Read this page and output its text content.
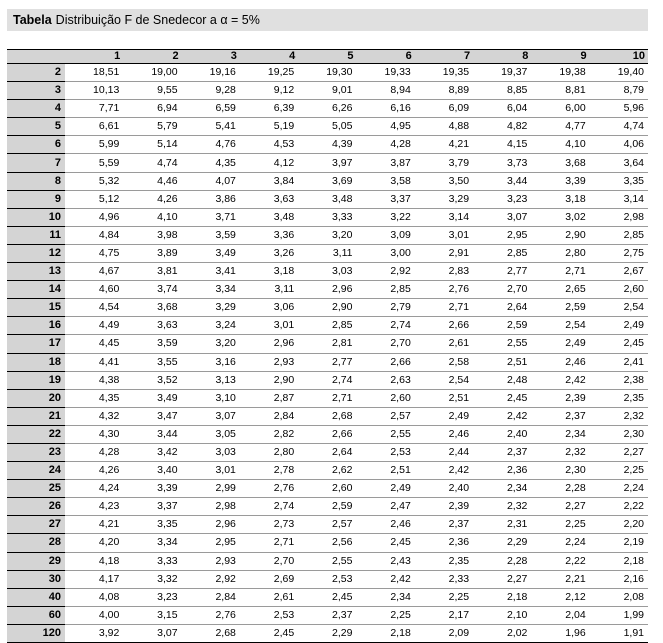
Tabela Distribuição F de Snedecor a α = 5%
	1	2	3	4	5	6	7	8	9	10
2	18,51	19,00	19,16	19,25	19,30	19,33	19,35	19,37	19,38	19,40
3	10,13	9,55	9,28	9,12	9,01	8,94	8,89	8,85	8,81	8,79
4	7,71	6,94	6,59	6,39	6,26	6,16	6,09	6,04	6,00	5,96
5	6,61	5,79	5,41	5,19	5,05	4,95	4,88	4,82	4,77	4,74
6	5,99	5,14	4,76	4,53	4,39	4,28	4,21	4,15	4,10	4,06
7	5,59	4,74	4,35	4,12	3,97	3,87	3,79	3,73	3,68	3,64
8	5,32	4,46	4,07	3,84	3,69	3,58	3,50	3,44	3,39	3,35
9	5,12	4,26	3,86	3,63	3,48	3,37	3,29	3,23	3,18	3,14
10	4,96	4,10	3,71	3,48	3,33	3,22	3,14	3,07	3,02	2,98
11	4,84	3,98	3,59	3,36	3,20	3,09	3,01	2,95	2,90	2,85
12	4,75	3,89	3,49	3,26	3,11	3,00	2,91	2,85	2,80	2,75
13	4,67	3,81	3,41	3,18	3,03	2,92	2,83	2,77	2,71	2,67
14	4,60	3,74	3,34	3,11	2,96	2,85	2,76	2,70	2,65	2,60
15	4,54	3,68	3,29	3,06	2,90	2,79	2,71	2,64	2,59	2,54
16	4,49	3,63	3,24	3,01	2,85	2,74	2,66	2,59	2,54	2,49
17	4,45	3,59	3,20	2,96	2,81	2,70	2,61	2,55	2,49	2,45
18	4,41	3,55	3,16	2,93	2,77	2,66	2,58	2,51	2,46	2,41
19	4,38	3,52	3,13	2,90	2,74	2,63	2,54	2,48	2,42	2,38
20	4,35	3,49	3,10	2,87	2,71	2,60	2,51	2,45	2,39	2,35
21	4,32	3,47	3,07	2,84	2,68	2,57	2,49	2,42	2,37	2,32
22	4,30	3,44	3,05	2,82	2,66	2,55	2,46	2,40	2,34	2,30
23	4,28	3,42	3,03	2,80	2,64	2,53	2,44	2,37	2,32	2,27
24	4,26	3,40	3,01	2,78	2,62	2,51	2,42	2,36	2,30	2,25
25	4,24	3,39	2,99	2,76	2,60	2,49	2,40	2,34	2,28	2,24
26	4,23	3,37	2,98	2,74	2,59	2,47	2,39	2,32	2,27	2,22
27	4,21	3,35	2,96	2,73	2,57	2,46	2,37	2,31	2,25	2,20
28	4,20	3,34	2,95	2,71	2,56	2,45	2,36	2,29	2,24	2,19
29	4,18	3,33	2,93	2,70	2,55	2,43	2,35	2,28	2,22	2,18
30	4,17	3,32	2,92	2,69	2,53	2,42	2,33	2,27	2,21	2,16
40	4,08	3,23	2,84	2,61	2,45	2,34	2,25	2,18	2,12	2,08
60	4,00	3,15	2,76	2,53	2,37	2,25	2,17	2,10	2,04	1,99
120	3,92	3,07	2,68	2,45	2,29	2,18	2,09	2,02	1,96	1,91
